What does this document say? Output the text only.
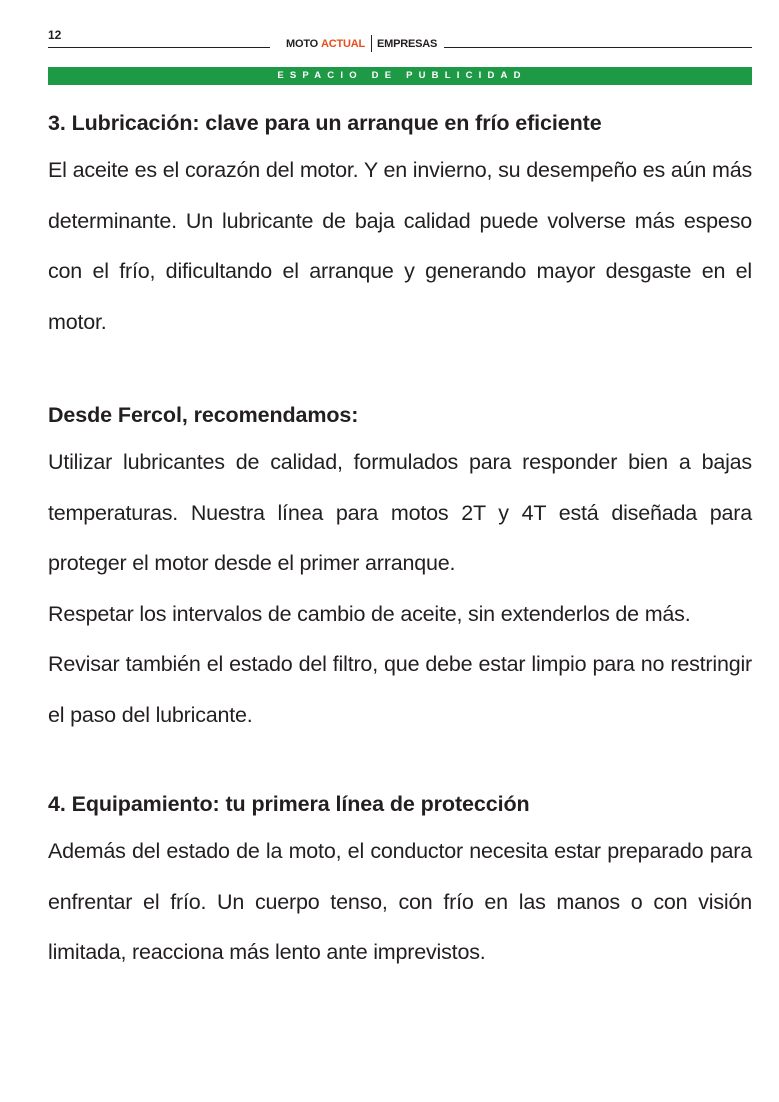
12
MOTO ACTUAL EMPRESAS
ESPACIO DE PUBLICIDAD
3. Lubricación: clave para un arranque en frío eficiente

El aceite es el corazón del motor. Y en invierno, su desempeño es aún más determinante. Un lubricante de baja calidad puede volverse más espeso con el frío, dificultando el arranque y generando mayor desgaste en el motor.

Desde Fercol, recomendamos:

Utilizar lubricantes de calidad, formulados para responder bien a bajas temperaturas. Nuestra línea para motos 2T y 4T está diseñada para proteger el motor desde el primer arranque.

Respetar los intervalos de cambio de aceite, sin extenderlos de más.

Revisar también el estado del filtro, que debe estar limpio para no restringir el paso del lubricante.

4. Equipamiento: tu primera línea de protección

Además del estado de la moto, el conductor necesita estar preparado para enfrentar el frío. Un cuerpo tenso, con frío en las manos o con visión limitada, reacciona más lento ante imprevistos.
